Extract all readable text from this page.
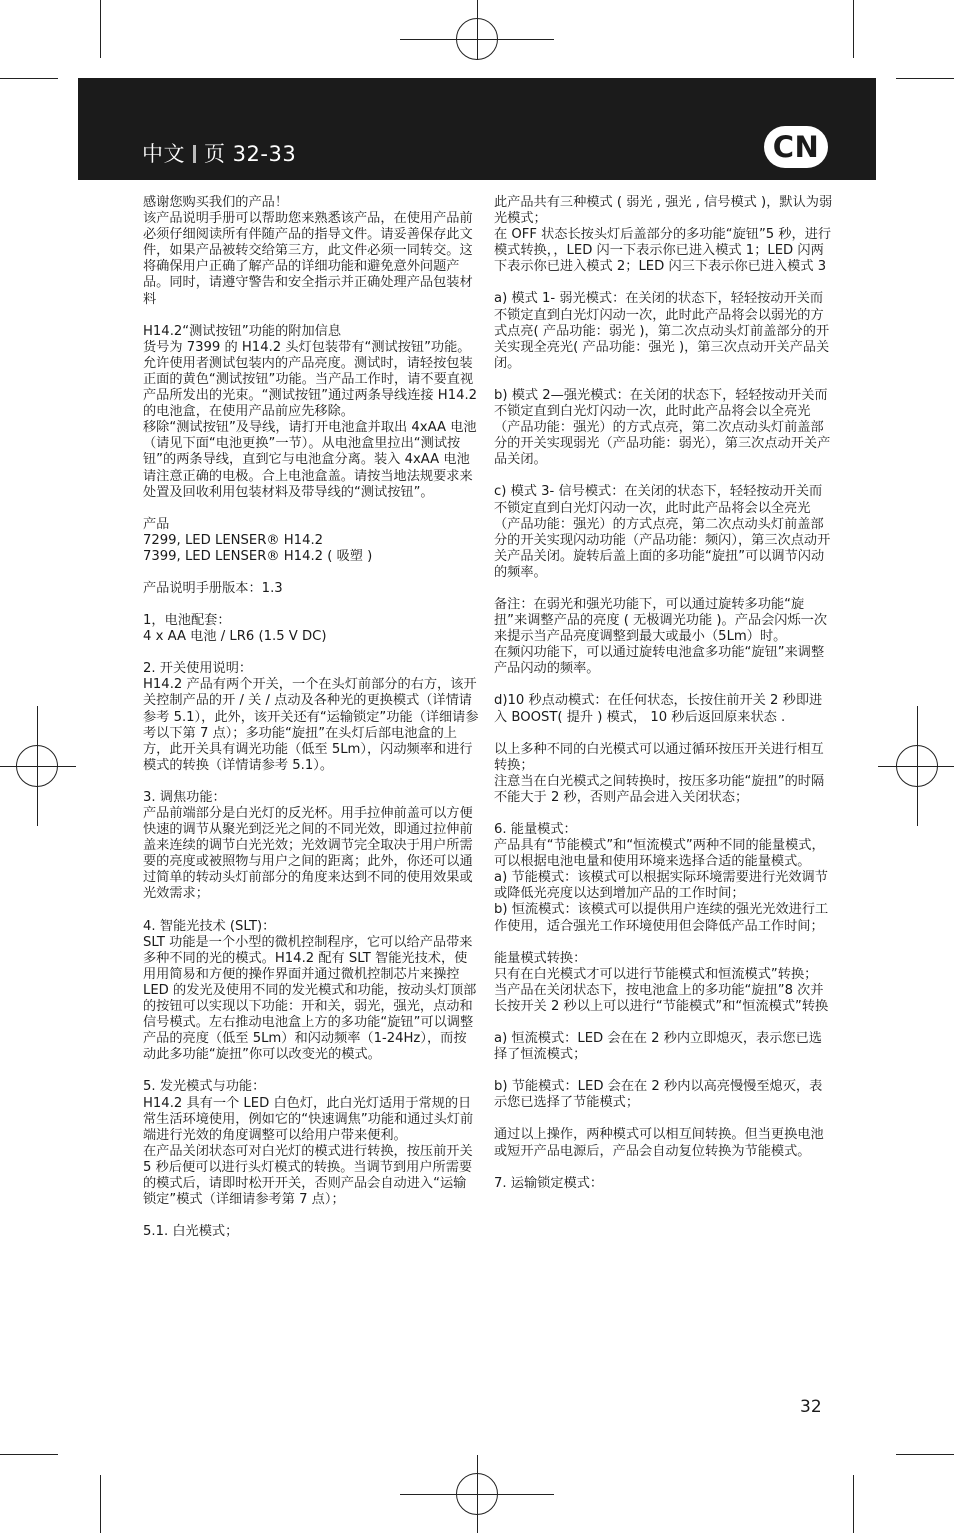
中文 页 32-33	CN

感谢您购买我们的产品！
该产品说明手册可以帮助您来熟悉该产品，在使用产品前必须仔细阅读所有伴随产品的指导文件。请妥善保存此文件，如果产品被转交给第三方，此文件必须一同转交。这将确保用户正确了解产品的详细功能和避免意外问题产品。同时，请遵守警告和安全指示并正确处理产品包装材料

H14.2“测试按钮”功能的附加信息
货号为 7399 的 H14.2 头灯包装带有“测试按钮”功能。允许使用者测试包装内的产品亮度。测试时，请轻按包装正面的黄色“测试按钮”功能。当产品工作时，请不要直视产品所发出的光束。“测试按钮”通过两条导线连接 H14.2 的电池盒，在使用产品前应先移除。
移除“测试按钮”及导线，请打开电池盒并取出 4xAA 电池（请见下面“电池更换”一节）。从电池盒里拉出“测试按钮”的两条导线，直到它与电池盒分离。装入 4xAA 电池请注意正确的电极。合上电池盒盖。请按当地法规要求来处置及回收利用包装材料及带导线的“测试按钮”。

产品
7299, LED LENSER® H14.2
7399, LED LENSER® H14.2 ( 吸塑 )

产品说明手册版本：1.3

1，电池配套：
4 x AA 电池 / LR6 (1.5 V DC)

2. 开关使用说明：
H14.2 产品有两个开关，一个在头灯前部分的右方，该开关控制产品的开 / 关 / 点动及各种光的更换模式（详情请参考 5.1），此外，该开关还有“运输锁定”功能（详细请参考以下第 7 点）；多功能“旋扭”在头灯后部电池盒的上方，此开关具有调光功能（低至 5Lm），闪动频率和进行模式的转换（详情请参考 5.1）。

3. 调焦功能：
产品前端部分是白光灯的反光杯。用手拉伸前盖可以方便快速的调节从聚光到泛光之间的不同光效，即通过拉伸前盖来连续的调节白光光效；光效调节完全取决于用户所需要的亮度或被照物与用户之间的距离；此外，你还可以通过简单的转动头灯前部分的角度来达到不同的使用效果或光效需求；

4. 智能光技术 (SLT)：
SLT 功能是一个小型的微机控制程序，它可以给产品带来多种不同的光的模式。H14.2 配有 SLT 智能光技术，使用用简易和方便的操作界面并通过微机控制芯片来操控 LED 的发光及使用不同的发光模式和功能，按动头灯顶部的按钮可以实现以下功能：开和关，弱光，强光，点动和信号模式。左右推动电池盒上方的多功能“旋钮”可以调整产品的亮度（低至 5Lm）和闪动频率（1-24Hz），而按动此多功能“旋扭”你可以改变光的模式。

5. 发光模式与功能：
H14.2 具有一个 LED 白色灯，此白光灯适用于常规的日常生活环境使用，例如它的“快速调焦”功能和通过头灯前端进行光效的角度调整可以给用户带来便利。
在产品关闭状态可对白光灯的模式进行转换，按压前开关 5 秒后便可以进行头灯模式的转换。当调节到用户所需要的模式后，请即时松开开关，否则产品会自动进入“运输锁定”模式（详细请参考第 7 点）；

5.1. 白光模式；

此产品共有三种模式 ( 弱光 , 强光 , 信号模式 )，默认为弱光模式；
在 OFF 状态长按头灯后盖部分的多功能“旋钮”5 秒，进行模式转换，，LED 闪一下表示你已进入模式 1；LED 闪两下表示你已进入模式 2；LED 闪三下表示你已进入模式 3

a) 模式 1- 弱光模式：在关闭的状态下，轻轻按动开关而不锁定直到白光灯闪动一次，此时此产品将会以弱光的方式点亮( 产品功能：弱光 )，第二次点动头灯前盖部分的开关实现全亮光( 产品功能：强光 )，第三次点动开关产品关闭。

b) 模式 2—强光模式：在关闭的状态下，轻轻按动开关而不锁定直到白光灯闪动一次，此时此产品将会以全亮光（产品功能：强光）的方式点亮，第二次点动头灯前盖部分的开关实现弱光（产品功能：弱光），第三次点动开关产品关闭。

c) 模式 3- 信号模式：在关闭的状态下，轻轻按动开关而不锁定直到白光灯闪动一次，此时此产品将会以全亮光（产品功能：强光）的方式点亮，第二次点动头灯前盖部分的开关实现闪动功能（产品功能：频闪），第三次点动开关产品关闭。旋转后盖上面的多功能“旋扭”可以调节闪动的频率。

备注：在弱光和强光功能下，可以通过旋转多功能“旋扭”来调整产品的亮度 ( 无极调光功能 )。产品会闪烁一次来提示当产品亮度调整到最大或最小（5Lm）时。
在频闪功能下，可以通过旋转电池盒多功能“旋钮”来调整产品闪动的频率。

d)10 秒点动模式：在任何状态，长按住前开关 2 秒即进入 BOOST( 提升 ) 模式， 10 秒后返回原来状态 .

以上多种不同的白光模式可以通过循环按压开关进行相互转换；
注意当在白光模式之间转换时，按压多功能“旋扭”的时隔不能大于 2 秒，否则产品会进入关闭状态；

6. 能量模式：
产品具有“节能模式”和“恒流模式”两种不同的能量模式，可以根据电池电量和使用环境来选择合适的能量模式。
a) 节能模式：该模式可以根据实际环境需要进行光效调节或降低光亮度以达到增加产品的工作时间；
b) 恒流模式：该模式可以提供用户连续的强光光效进行工作使用，适合强光工作环境使用但会降低产品工作时间；

能量模式转换：
只有在白光模式才可以进行节能模式和恒流模式”转换；
当产品在关闭状态下，按电池盒上的多功能“旋扭”8 次并长按开关 2 秒以上可以进行“节能模式”和“恒流模式”转换

a) 恒流模式：LED 会在在 2 秒内立即熄灭，表示您已选择了恒流模式；

b) 节能模式：LED 会在在 2 秒内以高亮慢慢至熄灭，表示您已选择了节能模式；

通过以上操作，两种模式可以相互间转换。但当更换电池或短开产品电源后，产品会自动复位转换为节能模式。

7. 运输锁定模式：

32
